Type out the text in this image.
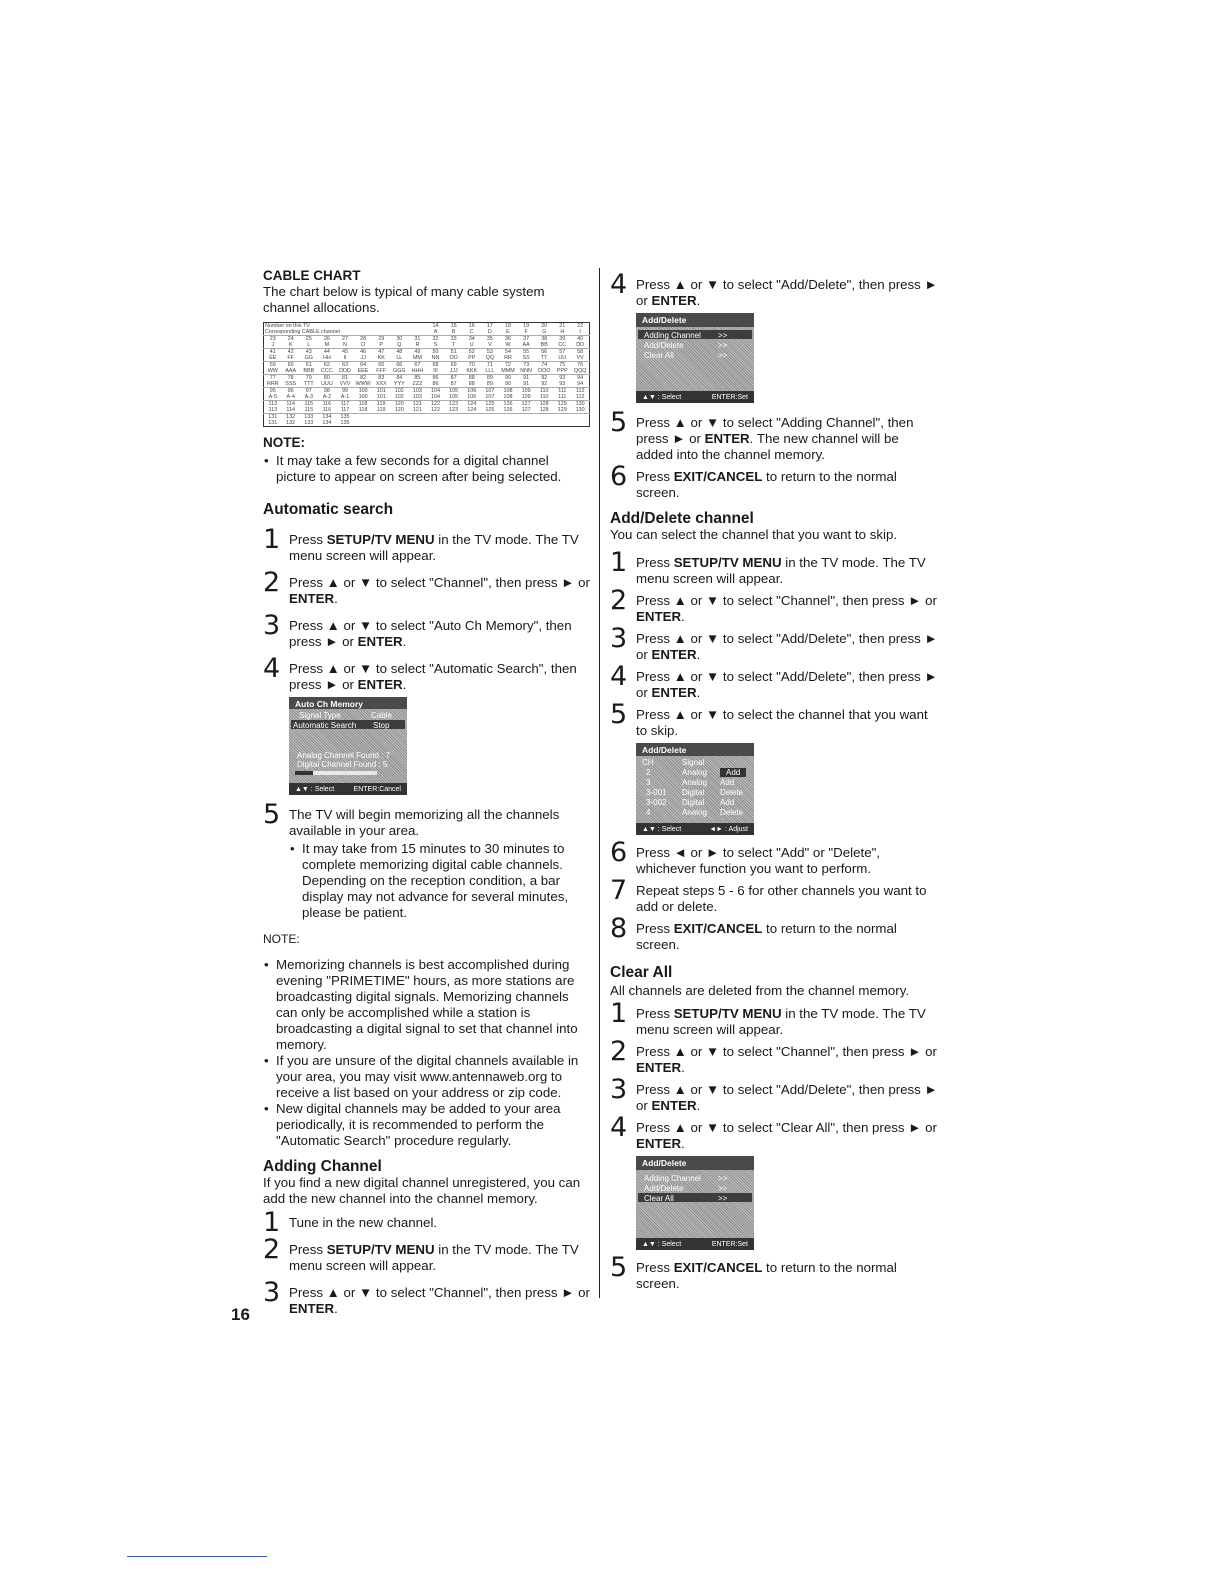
CABLE CHART

The chart below is typical of many cable system channel allocations.

Number on this TV									14	15	16	17	18	19	20	21	22
Corresponding CABLE channel									A	B	C	D	E	F	G	H	I
23	24	25	26	27	28	29	30	31	32	33	34	35	36	37	38	39	40
J	K	L	M	N	O	P	Q	R	S	T	U	V	W	AA	BB	CC	DD
41	42	43	44	45	46	47	48	49	50	51	52	53	54	55	56	57	58
EE	FF	GG	HH	II	JJ	KK	LL	MM	NN	OO	PP	QQ	RR	SS	TT	UU	VV
59	60	61	62	63	64	65	66	67	68	69	70	71	72	73	74	75	76
WW	AAA	BBB	CCC	DDD	EEE	FFF	GGG	HHH	III	JJJ	KKK	LLL	MMM	NNN	OOO	PPP	QQQ
77	78	79	80	81	82	83	84	85	86	87	88	89	90	91	92	93	94
RRR	SSS	TTT	UUU	VVV	WWW	XXX	YYY	ZZZ	86	87	88	89	90	91	92	93	94
95	96	97	98	99	100	101	102	103	104	105	106	107	108	109	110	111	112
A-5	A-4	A-3	A-2	A-1	100	101	102	103	104	105	106	107	108	109	110	111	112
113	114	115	116	117	118	119	120	121	122	123	124	125	126	127	128	129	130
113	114	115	116	117	118	119	120	121	122	123	124	125	126	127	128	129	130
131	132	133	134	135													
131	132	133	134	135													
NOTE:
• It may take a few seconds for a digital channel picture to appear on screen after being selected.
Automatic search
1 Press SETUP/TV MENU in the TV mode. The TV menu screen will appear.
2 Press ▲ or ▼ to select "Channel", then press ► or ENTER.
3 Press ▲ or ▼ to select "Auto Ch Memory", then press ► or ENTER.
4 Press ▲ or ▼ to select "Automatic Search", then press ► or ENTER.
Auto Ch Memory
Signal Type	Cable
Automatic Search Stop
Analog Channel Found : 7
Digital Channel Found : 5
▲▼ : Select	ENTER:Cancel
5 The TV will begin memorizing all the channels available in your area.
• It may take from 15 minutes to 30 minutes to complete memorizing digital cable channels. Depending on the reception condition, a bar display may not advance for several minutes, please be patient.
NOTE:
• Memorizing channels is best accomplished during evening "PRIMETIME" hours, as more stations are broadcasting digital signals. Memorizing channels can only be accomplished while a station is broadcasting a digital signal to set that channel into memory.
• If you are unsure of the digital channels available in your area, you may visit www.antennaweb.org to receive a list based on your address or zip code.
• New digital channels may be added to your area periodically, it is recommended to perform the "Automatic Search" procedure regularly.
Adding Channel

If you find a new digital channel unregistered, you can add the new channel into the channel memory.

1 Tune in the new channel.
2 Press SETUP/TV MENU in the TV mode. The TV menu screen will appear.
3 Press ▲ or ▼ to select "Channel", then press ► or ENTER.
4 Press ▲ or ▼ to select "Add/Delete", then press ► or ENTER.
Add/Delete
Adding Channel >>
Add/Delete	>>
Clear All	>>
▲▼ : Select	ENTER:Set
5 Press ▲ or ▼ to select "Adding Channel", then press ► or ENTER. The new channel will be added into the channel memory.
6 Press EXIT/CANCEL to return to the normal screen.
Add/Delete channel

You can select the channel that you want to skip.

1 Press SETUP/TV MENU in the TV mode. The TV menu screen will appear.
2 Press ▲ or ▼ to select "Channel", then press ► or ENTER.
3 Press ▲ or ▼ to select "Add/Delete", then press ► or ENTER.
4 Press ▲ or ▼ to select "Add/Delete", then press ► or ENTER.
5 Press ▲ or ▼ to select the channel that you want to skip.
Add/Delete
CH	Signal
2	Analog	Add
3	Analog Add
3-001 Digital Delete
3-002 Digital Add
4	Analog Delete
▲▼ : Select	◄► : Adjust
6 Press ◄ or ► to select "Add" or "Delete", whichever function you want to perform.
7 Repeat steps 5 - 6 for other channels you want to add or delete.
8 Press EXIT/CANCEL to return to the normal screen.
Clear All

All channels are deleted from the channel memory.

1 Press SETUP/TV MENU in the TV mode. The TV menu screen will appear.
2 Press ▲ or ▼ to select "Channel", then press ► or ENTER.
3 Press ▲ or ▼ to select "Add/Delete", then press ► or ENTER.
4 Press ▲ or ▼ to select "Clear All", then press ► or ENTER.
Add/Delete
Adding Channel >>
Add/Delete	>>
Clear All	>>
▲▼ : Select	ENTER:Set
5 Press EXIT/CANCEL to return to the normal screen.
16
